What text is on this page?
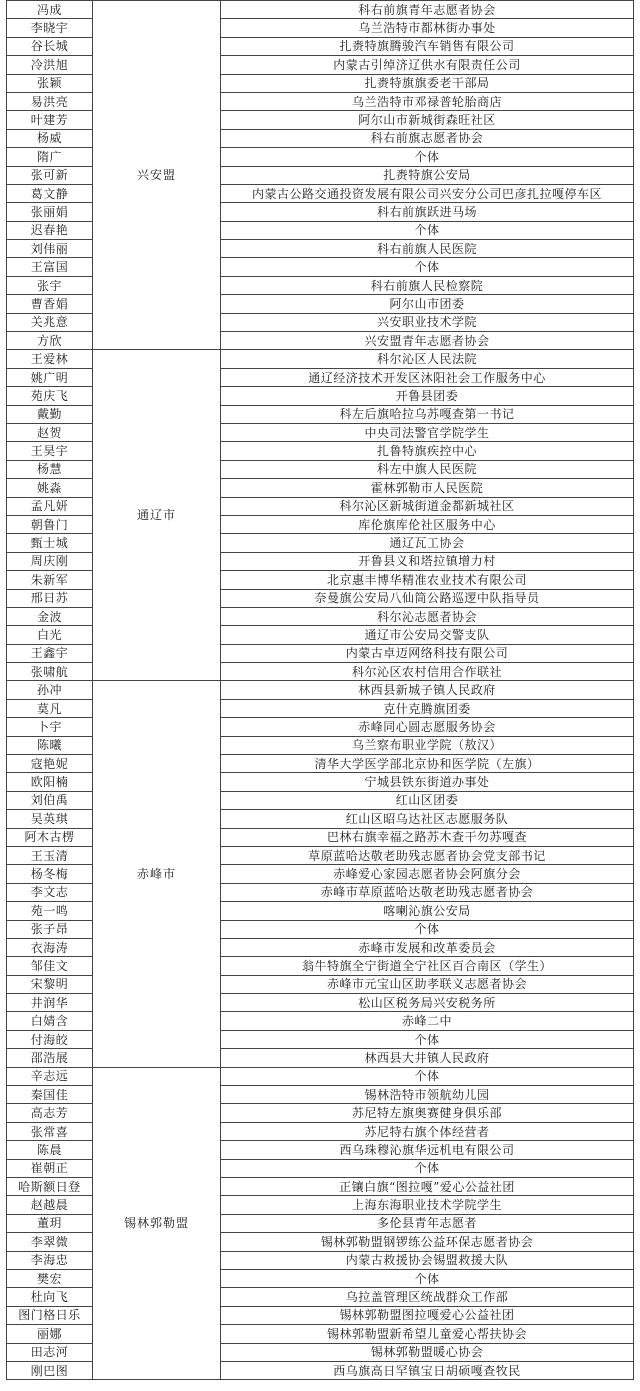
冯成	兴安盟	科右前旗青年志愿者协会
李晓宇		乌兰浩特市都林街办事处
谷长城		扎赉特旗腾骏汽车销售有限公司
冷洪旭		内蒙古引绰济辽供水有限责任公司
张颖		扎赉特旗旗委老干部局
易洪亮		乌兰浩特市邓禄普轮胎商店
叶建芳		阿尔山市新城街森旺社区
杨威		科右前旗志愿者协会
隋广		个体
张可新		扎赉特旗公安局
葛文静		内蒙古公路交通投资发展有限公司兴安分公司巴彦扎拉嘎停车区
张丽娟		科右前旗跃进马场
迟春艳		个体
刘伟丽		科右前旗人民医院
王富国		个体
张宇		科右前旗人民检察院
曹香娟		阿尔山市团委
关兆意		兴安职业技术学院
方欣		兴安盟青年志愿者协会
王爱林	通辽市	科尔沁区人民法院
姚广明		通辽经济技术开发区沐阳社会工作服务中心
苑庆飞		开鲁县团委
戴勤		科左后旗哈拉乌苏嘎查第一书记
赵贺		中央司法警官学院学生
王昊宇		扎鲁特旗疾控中心
杨慧		科左中旗人民医院
姚淼		霍林郭勒市人民医院
孟凡妍		科尔沁区新城街道金都新城社区
朝鲁门		库伦旗库伦社区服务中心
甄士城		通辽瓦工协会
周庆刚		开鲁县义和塔拉镇增力村
朱新军		北京惠丰博华精准农业技术有限公司
邢日苏		奈曼旗公安局八仙筒公路巡逻中队指导员
金波		科尔沁志愿者协会
白光		通辽市公安局交警支队
王鑫宇		内蒙古卓迈网络科技有限公司
张啸航		科尔沁区农村信用合作联社
孙冲	赤峰市	林西县新城子镇人民政府
莫凡		克什克腾旗团委
卜宇		赤峰同心圆志愿服务协会
陈曦		乌兰察布职业学院（敖汉）
寇艳妮		清华大学医学部北京协和医学院（左旗）
欧阳楠		宁城县铁东街道办事处
刘伯禹		红山区团委
吴英琪		红山区昭乌达社区志愿服务队
阿木古楞		巴林右旗幸福之路苏木查干勿苏嘎查
王玉清		草原蓝哈达敬老助残志愿者协会党支部书记
杨冬梅		赤峰爱心家园志愿者协会阿旗分会
李文志		赤峰市草原蓝哈达敬老助残志愿者协会
苑一鸣		喀喇沁旗公安局
张子昂		个体
衣海涛		赤峰市发展和改革委员会
邹佳文		翁牛特旗全宁街道全宁社区百合南区（学生）
宋黎明		赤峰市元宝山区助孝联义志愿者协会
井润华		松山区税务局兴安税务所
白婧含		赤峰二中
付海皎		个体
邵浩展		林西县大井镇人民政府
辛志远	锡林郭勒盟	个体
秦国佳		锡林浩特市领航幼儿园
高志芳		苏尼特左旗奥赛健身俱乐部
张常喜		苏尼特右旗个体经营者
陈晨		西乌珠穆沁旗华远机电有限公司
崔朝正		个体
哈斯额日登		正镶白旗“图拉嘎”爱心公益社团
赵越晨		上海东海职业技术学院学生
董玥		多伦县青年志愿者
李翠微		锡林郭勒盟钢锣练公益环保志愿者协会
李海忠		内蒙古救援协会锡盟救援大队
樊宏		个体
杜向飞		乌拉盖管理区统战群众工作部
图门格日乐		锡林郭勒盟图拉嘎爱心公益社团
丽娜		锡林郭勒盟新希望儿童爱心帮扶协会
田志河		锡林郭勒盟暖心协会
刚巴图		西乌旗高日罕镇宝日胡硕嘎查牧民
